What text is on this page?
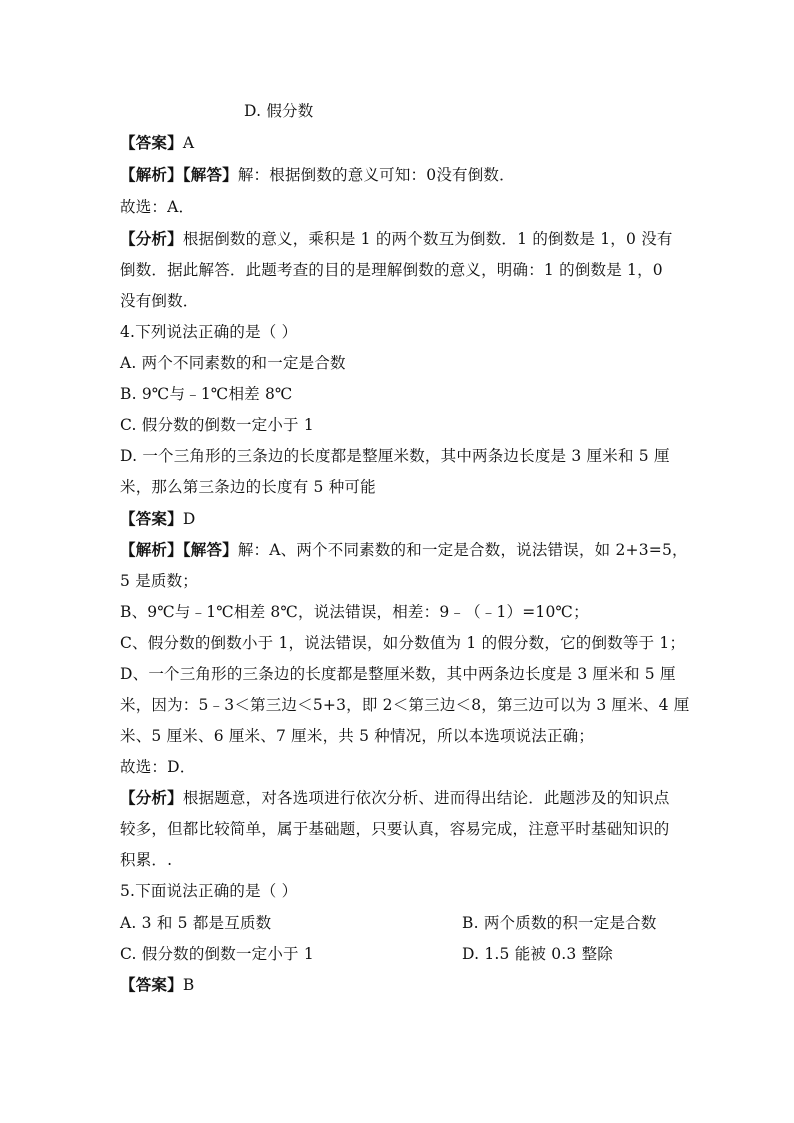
D. 假分数
【答案】A
【解析】【解答】解：根据倒数的意义可知：0没有倒数．
故选：A．
【分析】根据倒数的意义，乘积是 1 的两个数互为倒数．1 的倒数是 1，0 没有
倒数．据此解答．此题考查的目的是理解倒数的意义，明确：1 的倒数是 1，0
没有倒数．
4.下列说法正确的是（ ）
A. 两个不同素数的和一定是合数
B. 9℃与﹣1℃相差 8℃
C. 假分数的倒数一定小于 1
D. 一个三角形的三条边的长度都是整厘米数，其中两条边长度是 3 厘米和 5 厘
米，那么第三条边的长度有 5 种可能
【答案】D
【解析】【解答】解：A、两个不同素数的和一定是合数，说法错误，如 2+3=5，
5 是质数；
B、9℃与﹣1℃相差 8℃，说法错误，相差：9﹣（﹣1）=10℃；
C、假分数的倒数小于 1，说法错误，如分数值为 1 的假分数，它的倒数等于 1；
D、一个三角形的三条边的长度都是整厘米数，其中两条边长度是 3 厘米和 5 厘
米，因为：5﹣3＜第三边＜5+3，即 2＜第三边＜8，第三边可以为 3 厘米、4 厘
米、5 厘米、6 厘米、7 厘米，共 5 种情况，所以本选项说法正确；
故选：D．
【分析】根据题意，对各选项进行依次分析、进而得出结论．此题涉及的知识点
较多，但都比较简单，属于基础题，只要认真，容易完成，注意平时基础知识的
积累．.
5.下面说法正确的是（ ）
A. 3 和 5 都是互质数	B. 两个质数的积一定是合数
C. 假分数的倒数一定小于 1	D. 1.5 能被 0.3 整除
【答案】B
